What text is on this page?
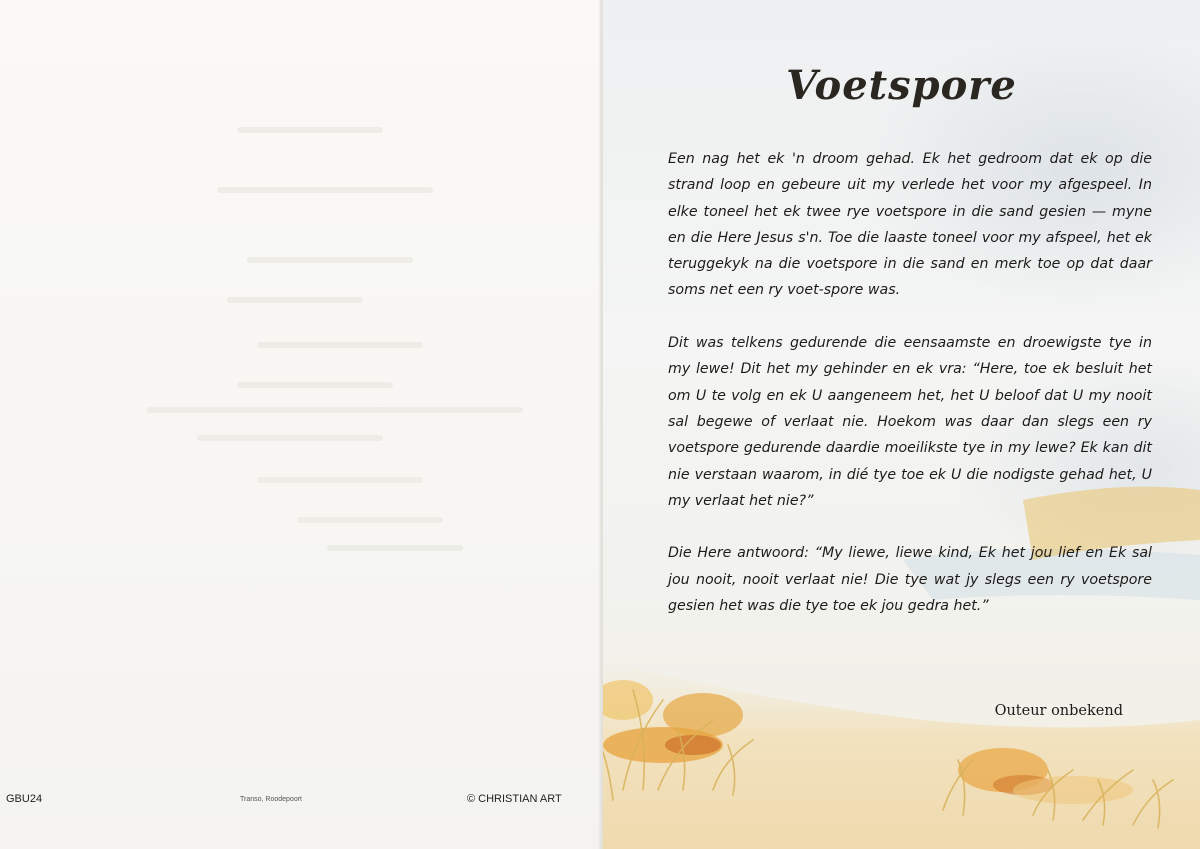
GBU24	Transo, Roodepoort	© CHRISTIAN ART
Voetspore

Een nag het ek 'n droom gehad. Ek het gedroom dat ek op die strand loop en gebeure uit my verlede het voor my afgespeel. In elke toneel het ek twee rye voetspore in die sand gesien — myne en die Here Jesus s'n. Toe die laaste toneel voor my afspeel, het ek teruggekyk na die voetspore in die sand en merk toe op dat daar soms net een ry voet-spore was.

Dit was telkens gedurende die eensaamste en droewigste tye in my lewe! Dit het my gehinder en ek vra: “Here, toe ek besluit het om U te volg en ek U aangeneem het, het U beloof dat U my nooit sal begewe of verlaat nie. Hoekom was daar dan slegs een ry voetspore gedurende daardie moeilikste tye in my lewe? Ek kan dit nie verstaan waarom, in dié tye toe ek U die nodigste gehad het, U my verlaat het nie?”

Die Here antwoord: “My liewe, liewe kind, Ek het jou lief en Ek sal jou nooit, nooit verlaat nie! Die tye wat jy slegs een ry voetspore gesien het was die tye toe ek jou gedra het.”

Outeur onbekend
